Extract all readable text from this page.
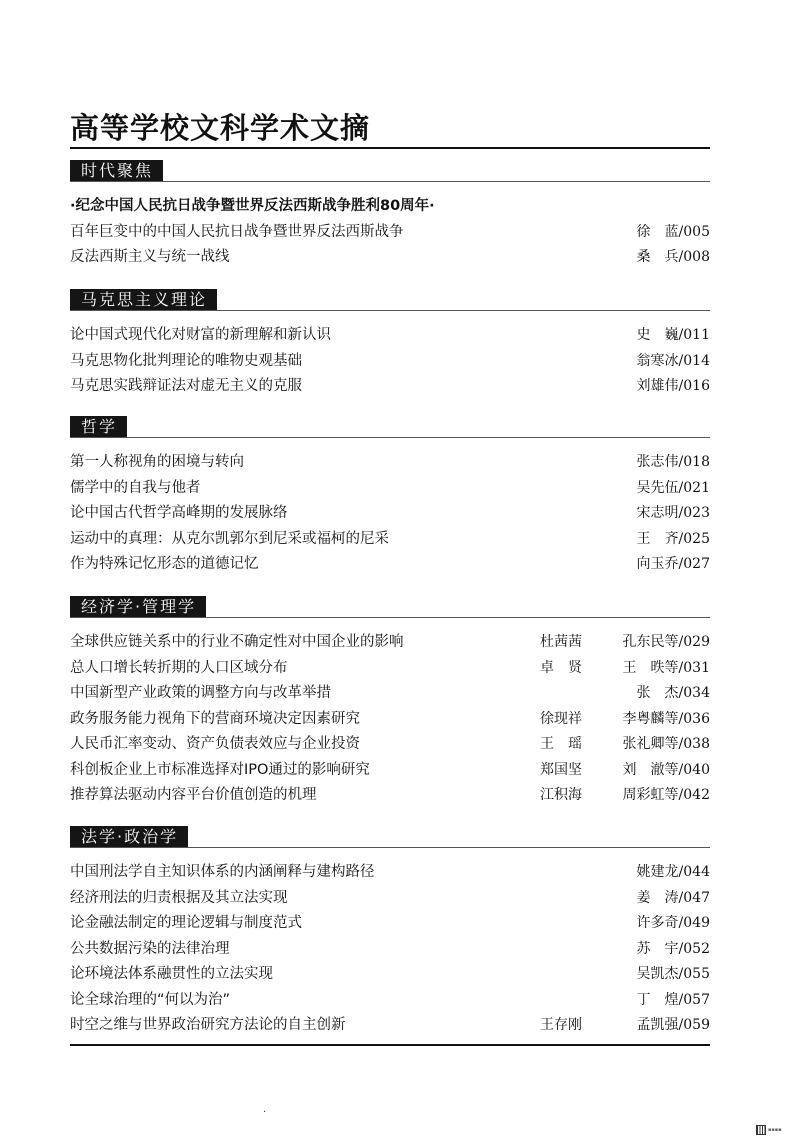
高等学校文科学术文摘
时代聚焦
·纪念中国人民抗日战争暨世界反法西斯战争胜利80周年·
百年巨变中的中国人民抗日战争暨世界反法西斯战争	徐　蓝/005
反法西斯主义与统一战线	桑　兵/008
马克思主义理论
论中国式现代化对财富的新理解和新认识	史　巍/011
马克思物化批判理论的唯物史观基础	翁寒冰/014
马克思实践辩证法对虚无主义的克服	刘雄伟/016
哲学
第一人称视角的困境与转向	张志伟/018
儒学中的自我与他者	吴先伍/021
论中国古代哲学高峰期的发展脉络	宋志明/023
运动中的真理：从克尔凯郭尔到尼采或福柯的尼采	王　齐/025
作为特殊记忆形态的道德记忆	向玉乔/027
经济学·管理学
全球供应链关系中的行业不确定性对中国企业的影响	杜茜茜	孔东民等/029
总人口增长转折期的人口区域分布	卓　贤	王　昳等/031
中国新型产业政策的调整方向与改革举措	张　杰/034
政务服务能力视角下的营商环境决定因素研究	徐现祥	李粤麟等/036
人民币汇率变动、资产负债表效应与企业投资	王　瑶	张礼卿等/038
科创板企业上市标准选择对IPO通过的影响研究	郑国坚	刘　澈等/040
推荐算法驱动内容平台价值创造的机理	江积海	周彩虹等/042
法学·政治学
中国刑法学自主知识体系的内涵阐释与建构路径	姚建龙/044
经济刑法的归责根据及其立法实现	姜　涛/047
论金融法制定的理论逻辑与制度范式	许多奇/049
公共数据污染的法律治理	苏　宇/052
论环境法体系融贯性的立法实现	吴凯杰/055
论全球治理的“何以为治”	丁　煌/057
时空之维与世界政治研究方法论的自主创新	王存刚	孟凯强/059
·
▪▪▪▪
